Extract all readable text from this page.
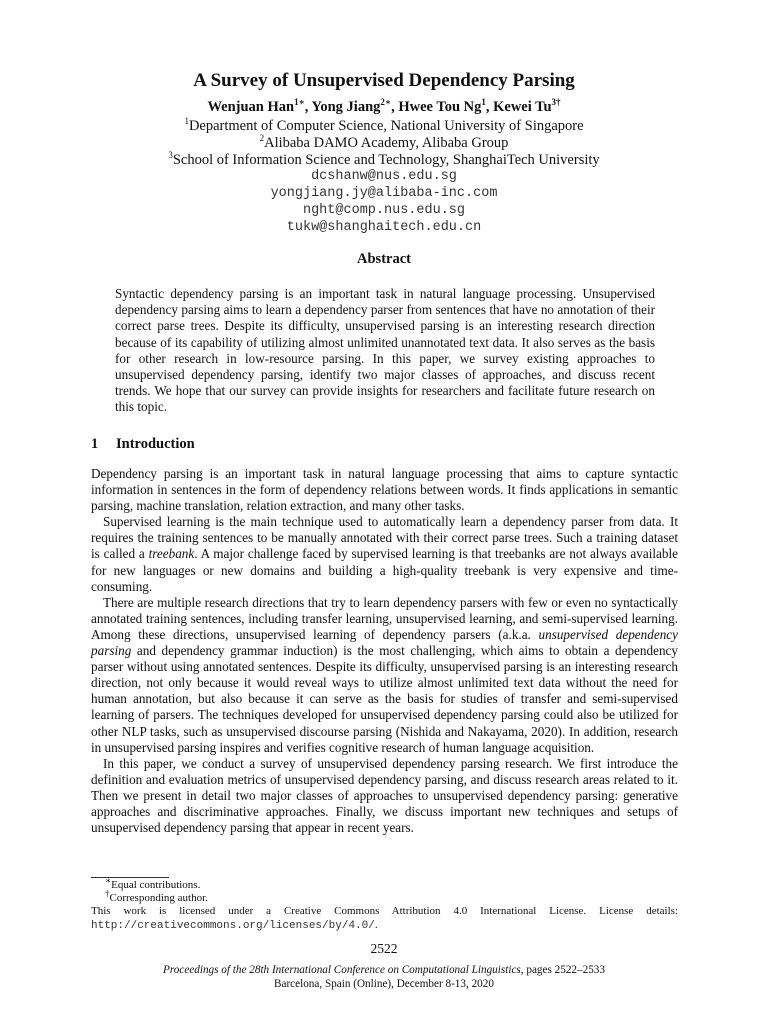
A Survey of Unsupervised Dependency Parsing
Wenjuan Han$^{1∗}$, Yong Jiang$^{2∗}$, Hwee Tou Ng$^1$, Kewei $Tu^{3\dagger}$
$^1$Department of Computer Science, National University of Singapore
$^2$Alibaba DAMO Academy, Alibaba Group
$^3$School of Information Science and Technology, ShanghaiTech University
dcshanw@nus.edu.sg
yongjiang.jy@alibaba-inc.com
nght@comp.nus.edu.sg
tukw@shanghaitech.edu.cn
Abstract
Syntactic dependency parsing is an important task in natural language processing. Unsupervised dependency parsing aims to learn a dependency parser from sentences that have no annotation of their correct parse trees. Despite its difficulty, unsupervised parsing is an interesting research direction because of its capability of utilizing almost unlimited unannotated text data. It also serves as the basis for other research in low-resource parsing. In this paper, we survey existing approaches to unsupervised dependency parsing, identify two major classes of approaches, and discuss recent trends. We hope that our survey can provide insights for researchers and facilitate future research on this topic.
1 Introduction

Dependency parsing is an important task in natural language processing that aims to capture syntactic information in sentences in the form of dependency relations between words. It finds applications in semantic parsing, machine translation, relation extraction, and many other tasks.

Supervised learning is the main technique used to automatically learn a dependency parser from data. It requires the training sentences to be manually annotated with their correct parse trees. Such a training dataset is called a treebank. A major challenge faced by supervised learning is that treebanks are not always available for new languages or new domains and building a high-quality treebank is very expensive and time-consuming.

There are multiple research directions that try to learn dependency parsers with few or even no syntactically annotated training sentences, including transfer learning, unsupervised learning, and semi-supervised learning. Among these directions, unsupervised learning of dependency parsers (a.k.a. unsupervised dependency parsing and dependency grammar induction) is the most challenging, which aims to obtain a dependency parser without using annotated sentences. Despite its difficulty, unsupervised parsing is an interesting research direction, not only because it would reveal ways to utilize almost unlimited text data without the need for human annotation, but also because it can serve as the basis for studies of transfer and semi-supervised learning of parsers. The techniques developed for unsupervised dependency parsing could also be utilized for other NLP tasks, such as unsupervised discourse parsing (Nishida and Nakayama, 2020). In addition, research in unsupervised parsing inspires and verifies cognitive research of human language acquisition.

In this paper, we conduct a survey of unsupervised dependency parsing research. We first introduce the definition and evaluation metrics of unsupervised dependency parsing, and discuss research areas related to it. Then we present in detail two major classes of approaches to unsupervised dependency parsing: generative approaches and discriminative approaches. Finally, we discuss important new techniques and setups of unsupervised dependency parsing that appear in recent years.

∗Equal contributions.
†Corresponding author.
This work is licensed under a Creative Commons Attribution 4.0 International License. License details: http://creativecommons.org/licenses/by/4.0/.
2522
Proceedings of the 28th International Conference on Computational Linguistics, pages 2522–2533
Barcelona, Spain (Online), December 8-13, 2020
